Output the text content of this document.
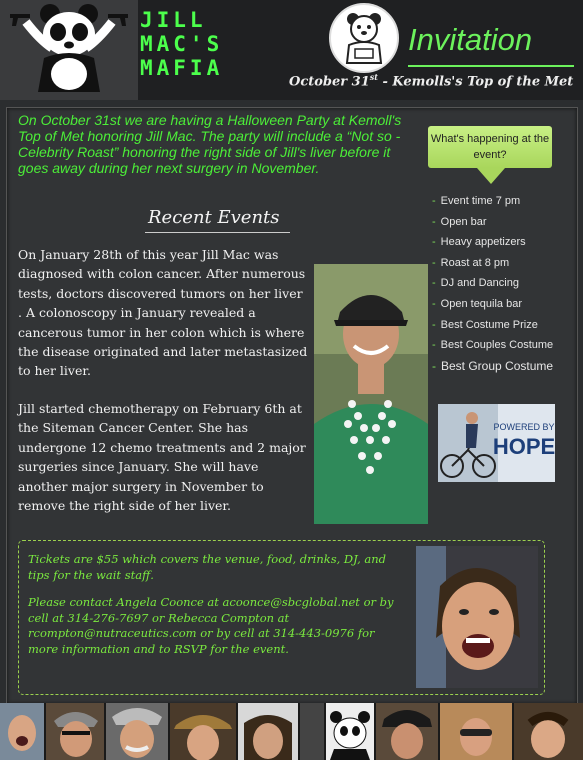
JILL
MAC'S
MAFIA
Invitation
October 31st - Kemolls's Top of the Met
On October 31st we are having a Halloween Party at Kemoll's Top of Met honoring Jill Mac. The party will include a “Not so - Celebrity Roast” honoring the right side of Jill's liver before it goes away during her next surgery in November.
Recent Events
On January 28th of this year Jill Mac was diagnosed with colon cancer. After numerous tests, doctors discovered tumors on her liver . A colonoscopy in January revealed a cancerous tumor in her colon which is where the disease originated and later metastasized to her liver.
Jill started chemotherapy on February 6th at the Siteman Cancer Center. She has undergone 12 chemo treatments and 2 major surgeries since January. She will have another major surgery in November to remove the right side of her liver.
What's happening at the event?
- Event time 7 pm
- Open bar
- Heavy appetizers
- Roast at 8 pm
- DJ and Dancing
- Open tequila bar
- Best Costume Prize
- Best Couples Costume
- Best Group Costume
POWERED BY
HOPE
Tickets are $55 which covers the venue, food, drinks, DJ, and tips for the wait staff.
Please contact Angela Coonce at acoonce@sbcglobal.net or by cell at 314-276-7697 or Rebecca Compton at rcompton@nutraceutics.com or by cell at 314-443-0976 for more information and to RSVP for the event.
